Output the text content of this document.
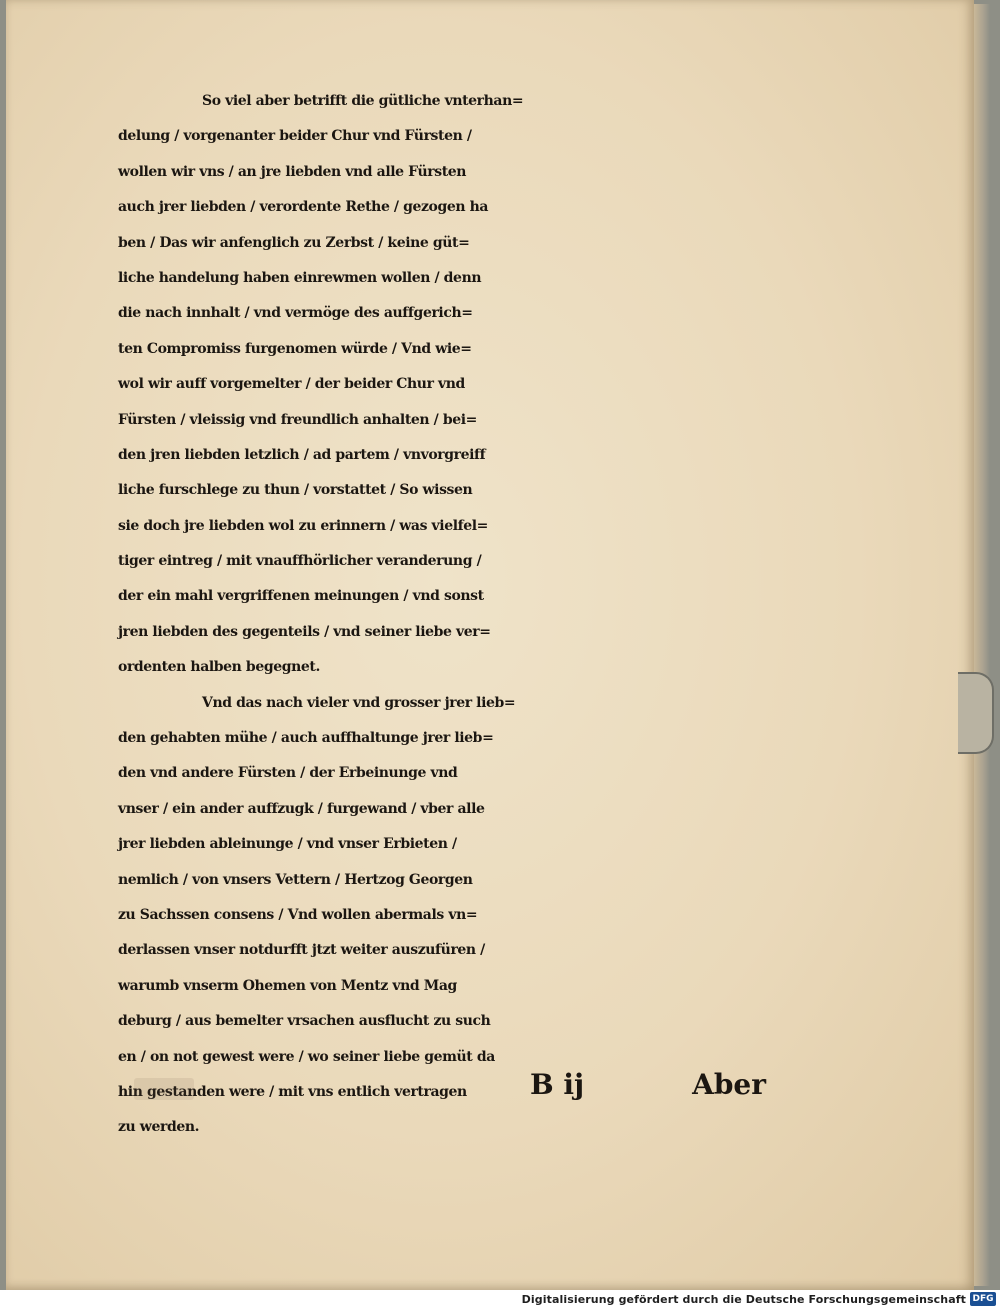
So viel aber betrifft die gütliche vnterhan=
delung / vorgenanter beider Chur vnd Fürsten /
wollen wir vns / an jre liebden vnd alle Fürsten
auch jrer liebden / verordente Rethe / gezogen ha
ben / Das wir anfenglich zu Zerbst / keine güt=
liche handelung haben einrewmen wollen / denn
die nach innhalt / vnd vermöge des auffgerich=
ten Compromiss furgenomen würde / Vnd wie=
wol wir auff vorgemelter / der beider Chur vnd
Fürsten / vleissig vnd freundlich anhalten / bei=
den jren liebden letzlich / ad partem / vnvorgreiff
liche furschlege zu thun / vorstattet / So wissen
sie doch jre liebden wol zu erinnern / was vielfel=
tiger eintreg / mit vnauffhörlicher veranderung /
der ein mahl vergriffenen meinungen / vnd sonst
jren liebden des gegenteils / vnd seiner liebe ver=
ordenten halben begegnet.
Vnd das nach vieler vnd grosser jrer lieb=
den gehabten mühe / auch auffhaltunge jrer lieb=
den vnd andere Fürsten / der Erbeinunge vnd
vnser / ein ander auffzugk / furgewand / vber alle
jrer liebden ableinunge / vnd vnser Erbieten /
nemlich / von vnsers Vettern / Hertzog Georgen
zu Sachssen consens / Vnd wollen abermals vn=
derlassen vnser notdurfft jtzt weiter auszufüren /
warumb vnserm Ohemen von Mentz vnd Mag
deburg / aus bemelter vrsachen ausflucht zu such
en / on not gewest were / wo seiner liebe gemüt da
hin gestanden were / mit vns entlich vertragen
zu werden.
B ij	Aber
Digitalisierung gefördert durch die Deutsche Forschungsgemeinschaft DFG
